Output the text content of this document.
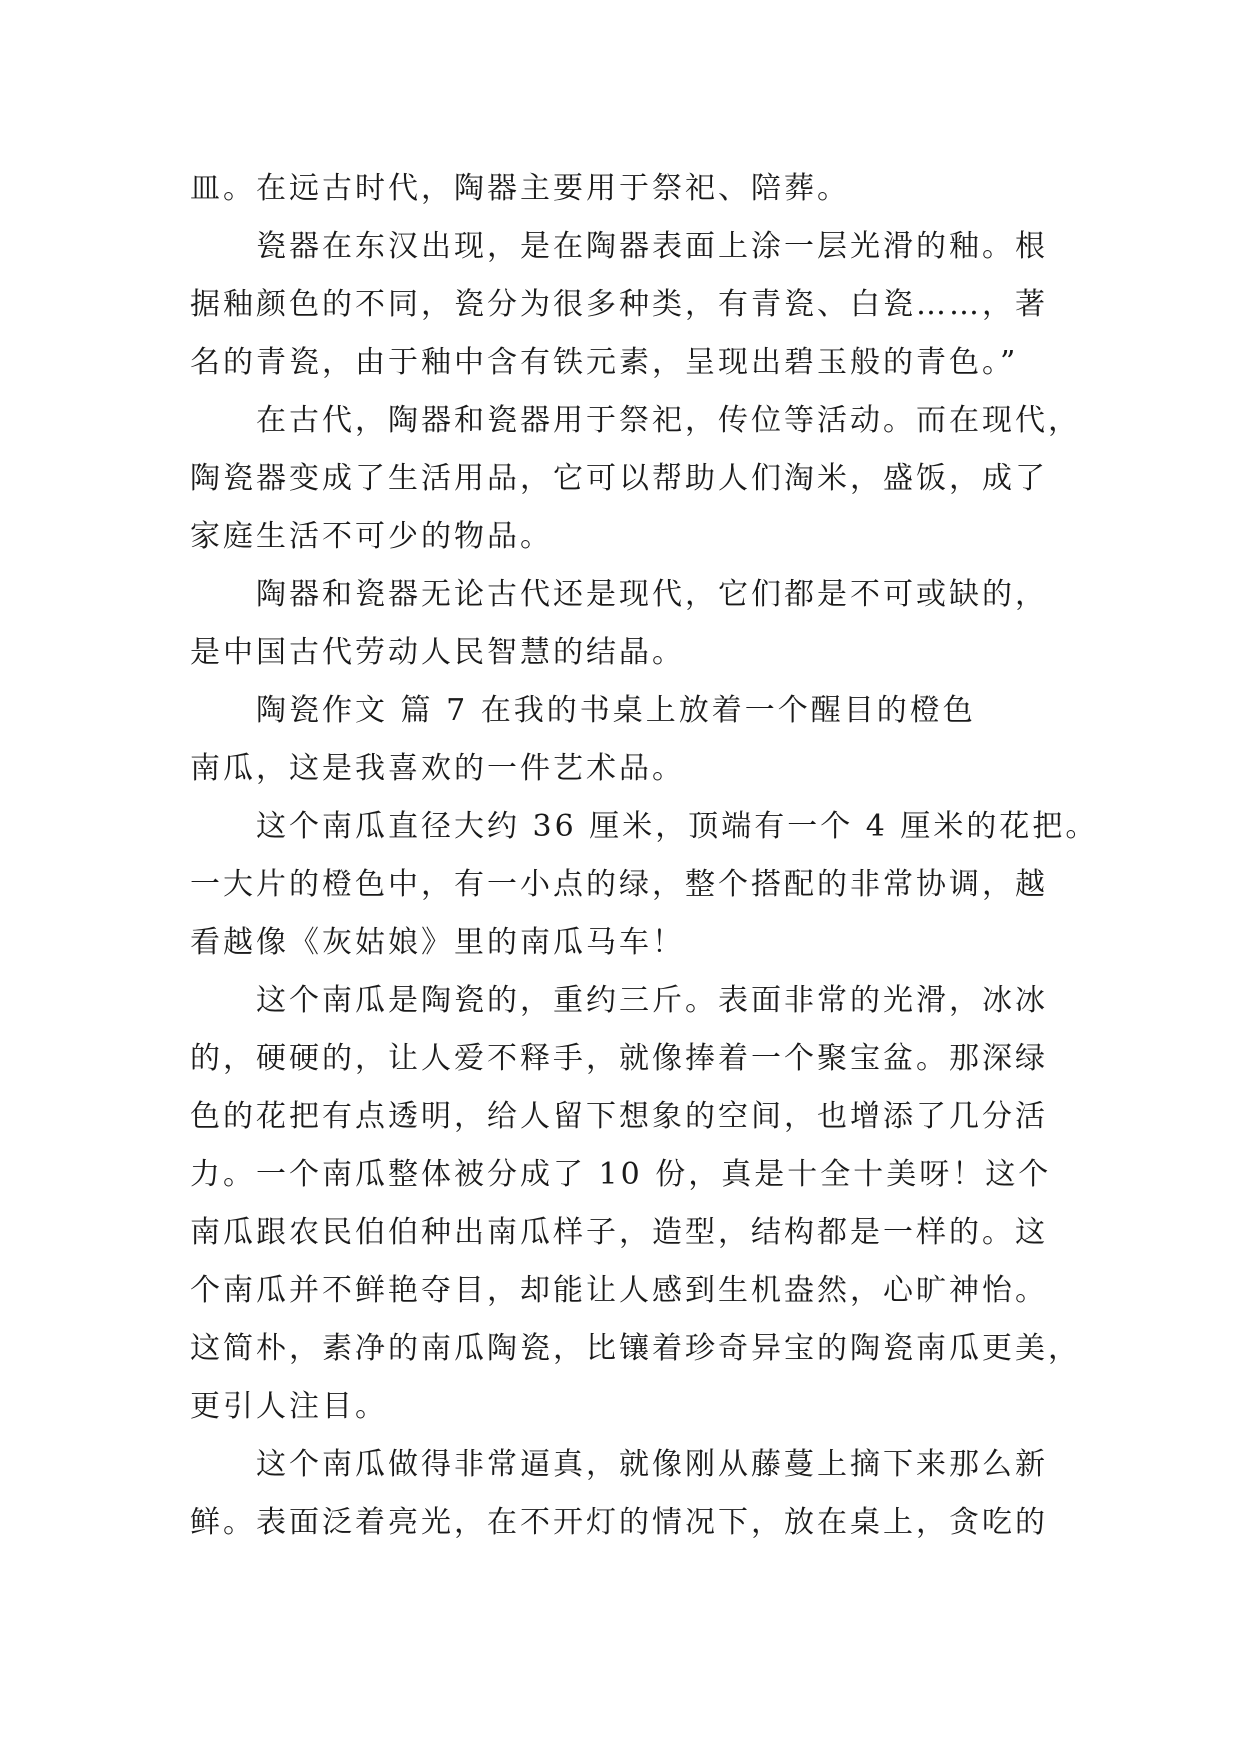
皿。在远古时代，陶器主要用于祭祀、陪葬。
瓷器在东汉出现，是在陶器表面上涂一层光滑的釉。根
据釉颜色的不同，瓷分为很多种类，有青瓷、白瓷……，著
名的青瓷，由于釉中含有铁元素，呈现出碧玉般的青色。”
在古代，陶器和瓷器用于祭祀，传位等活动。而在现代，
陶瓷器变成了生活用品，它可以帮助人们淘米，盛饭，成了
家庭生活不可少的物品。
陶器和瓷器无论古代还是现代，它们都是不可或缺的，
是中国古代劳动人民智慧的结晶。
陶瓷作文 篇 7 在我的书桌上放着一个醒目的橙色
南瓜，这是我喜欢的一件艺术品。
这个南瓜直径大约 36 厘米，顶端有一个 4 厘米的花把。
一大片的橙色中，有一小点的绿，整个搭配的非常协调，越
看越像《灰姑娘》里的南瓜马车！
这个南瓜是陶瓷的，重约三斤。表面非常的光滑，冰冰
的，硬硬的，让人爱不释手，就像捧着一个聚宝盆。那深绿
色的花把有点透明，给人留下想象的空间，也增添了几分活
力。一个南瓜整体被分成了 10 份，真是十全十美呀！这个
南瓜跟农民伯伯种出南瓜样子，造型，结构都是一样的。这
个南瓜并不鲜艳夺目，却能让人感到生机盎然，心旷神怡。
这简朴，素净的南瓜陶瓷，比镶着珍奇异宝的陶瓷南瓜更美，
更引人注目。
这个南瓜做得非常逼真，就像刚从藤蔓上摘下来那么新
鲜。表面泛着亮光，在不开灯的情况下，放在桌上，贪吃的
